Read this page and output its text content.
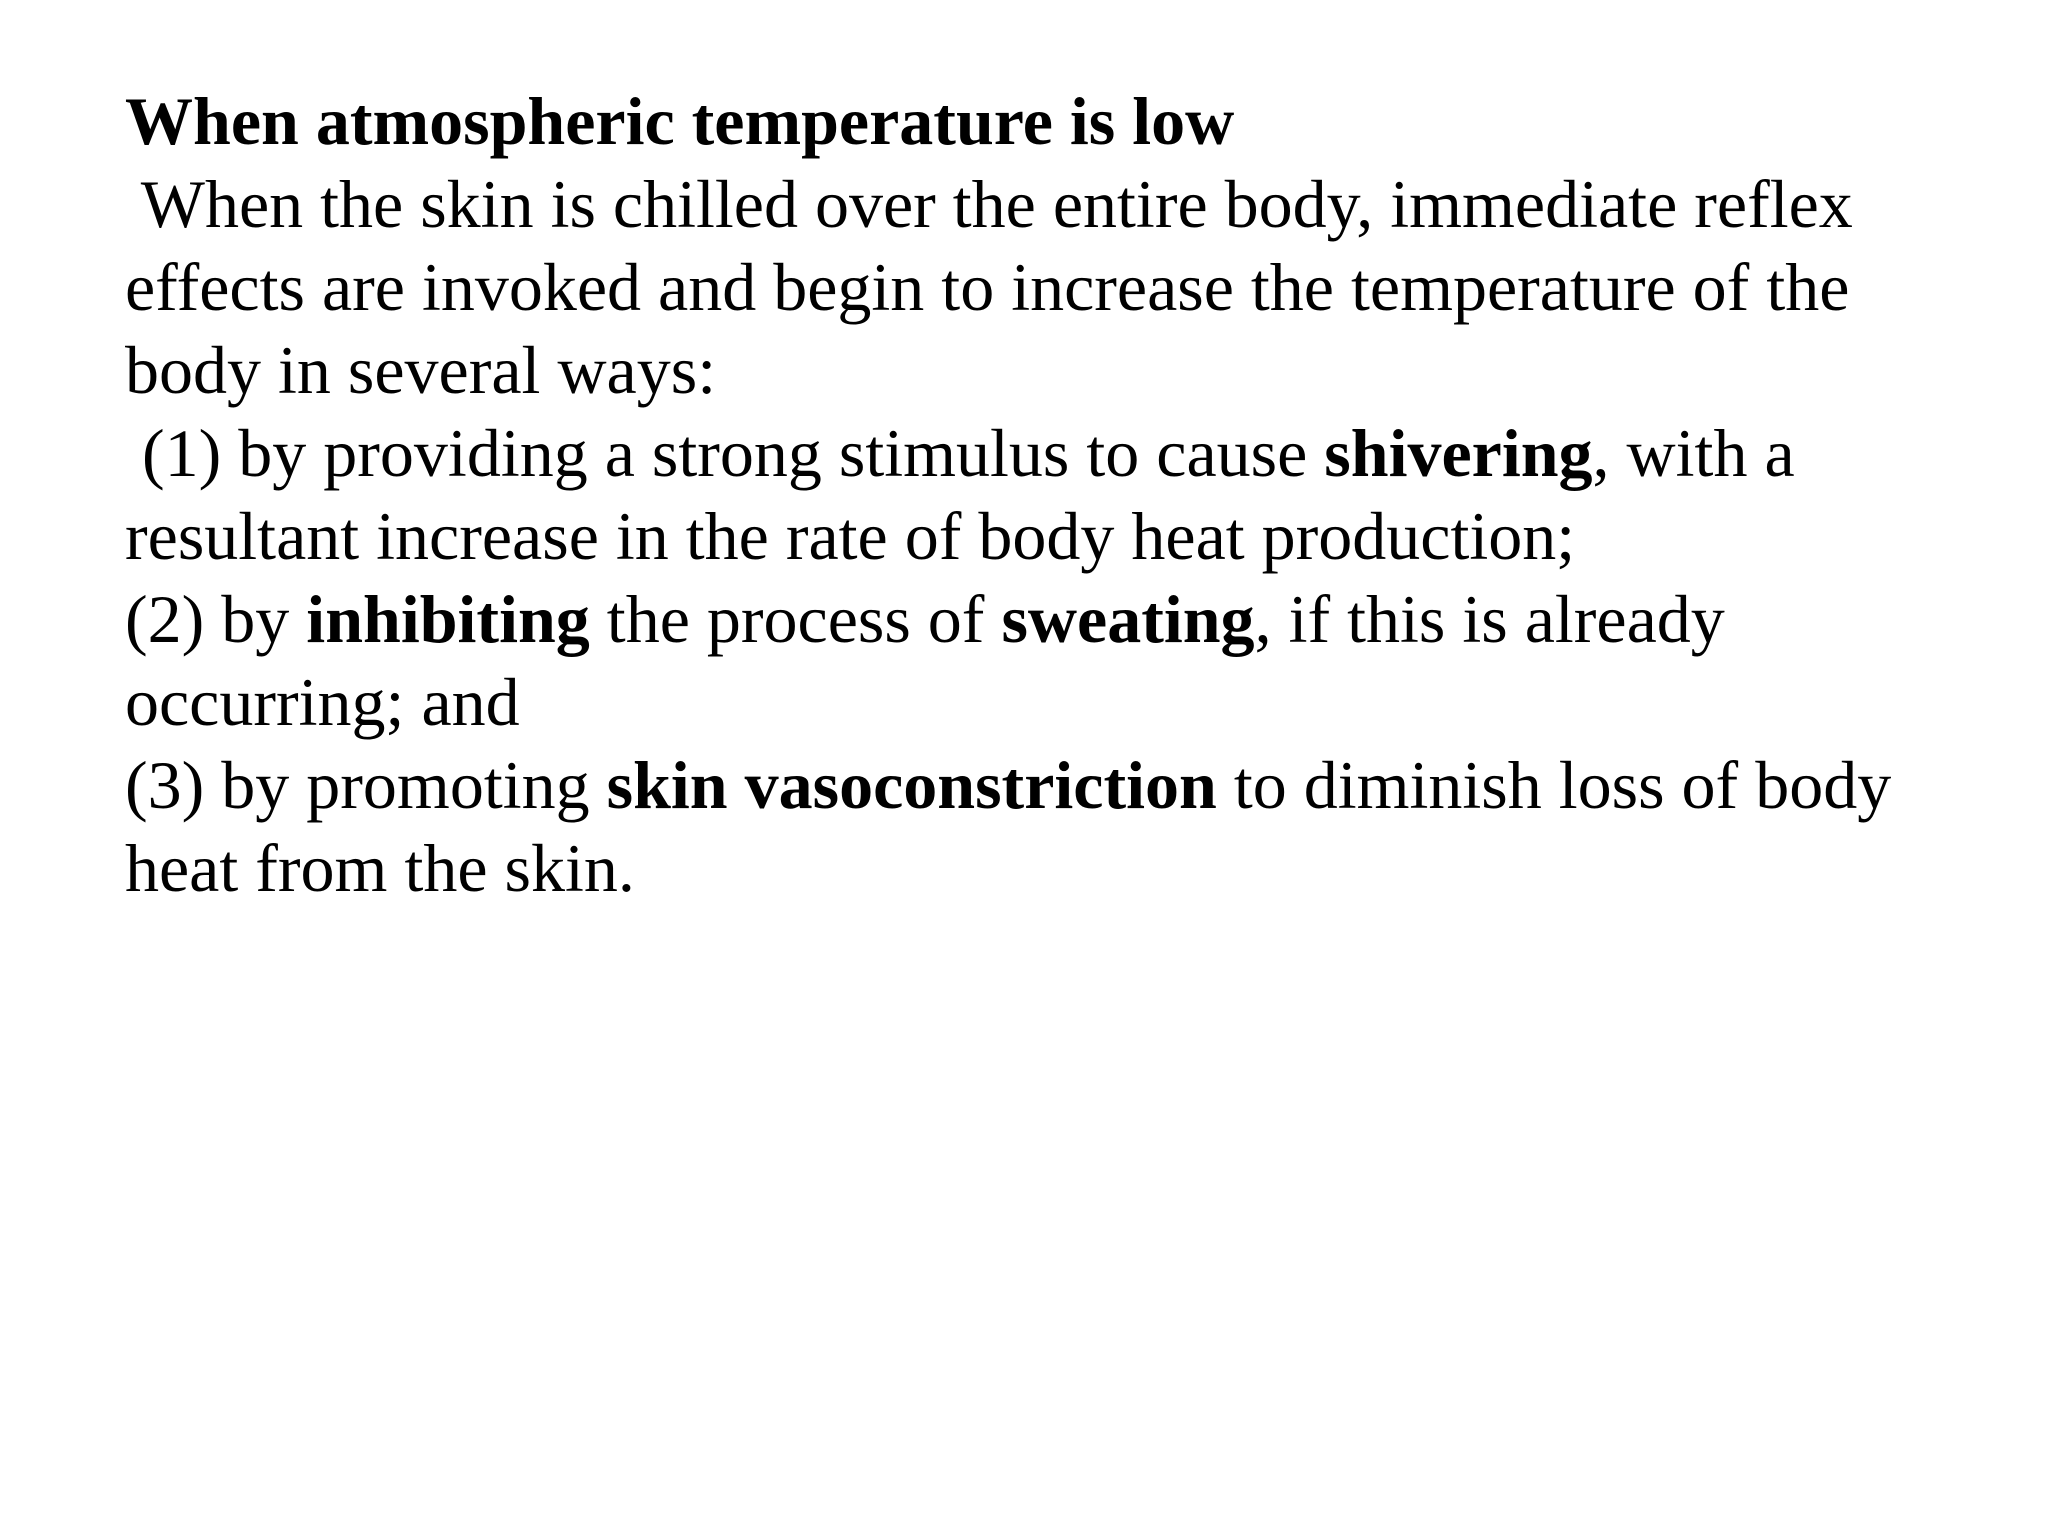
When atmospheric temperature is low
When the skin is chilled over the entire body, immediate reflex
effects are invoked and begin to increase the temperature of the
body in several ways:
(1) by providing a strong stimulus to cause shivering, with a
resultant increase in the rate of body heat production;
(2) by inhibiting the process of sweating, if this is already
occurring; and
(3) by promoting skin vasoconstriction to diminish loss of body
heat from the skin.
